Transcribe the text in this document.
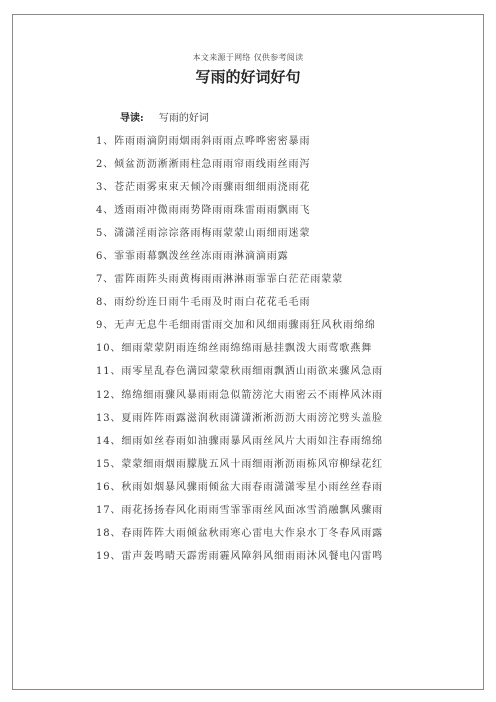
本文来源于网络 仅供参考阅读
写雨的好词好句
导读: 写雨的好词
1、阵雨雨滴阴雨烟雨斜雨雨点哗哗密密暴雨
2、倾盆沥沥淅淅雨柱急雨雨帘雨线雨丝雨泻
3、苍茫雨雾束束天倾冷雨骤雨细细雨浇雨花
4、透雨雨冲微雨雨势降雨雨珠雷雨雨飘雨飞
5、潇潇淫雨淙淙落雨梅雨蒙蒙山雨细雨迷蒙
6、霏霏雨幕飘泼丝丝冻雨雨淋滴滴雨露
7、雷阵雨阵头雨黄梅雨雨淋淋雨霏霏白茫茫雨蒙蒙
8、雨纷纷连日雨牛毛雨及时雨白花花毛毛雨
9、无声无息牛毛细雨雷雨交加和风细雨骤雨狂风秋雨绵绵
10、细雨蒙蒙阴雨连绵丝雨绵绵雨悬挂飘泼大雨莺歌燕舞
11、雨零星乱春色满园蒙蒙秋雨细雨飘洒山雨欲来骤风急雨
12、绵绵细雨骤风暴雨雨急似箭滂沱大雨密云不雨桦风沐雨
13、夏雨阵阵雨露滋润秋雨潇潇淅淅沥沥大雨滂沱劈头盖脸
14、细雨如丝春雨如油骤雨暴风雨丝风片大雨如注春雨绵绵
15、蒙蒙细雨烟雨朦胧五风十雨细雨淅沥雨栋风帘柳绿花红
16、秋雨如烟暴风骤雨倾盆大雨春雨潇潇零星小雨丝丝春雨
17、雨花扬扬春风化雨雨雪霏霏雨丝风面冰雪消融飘风骤雨
18、春雨阵阵大雨倾盆秋雨寒心雷电大作泉水丁冬春风雨露
19、雷声轰鸣晴天霹雳雨霾风障斜风细雨雨沐风餐电闪雷鸣
